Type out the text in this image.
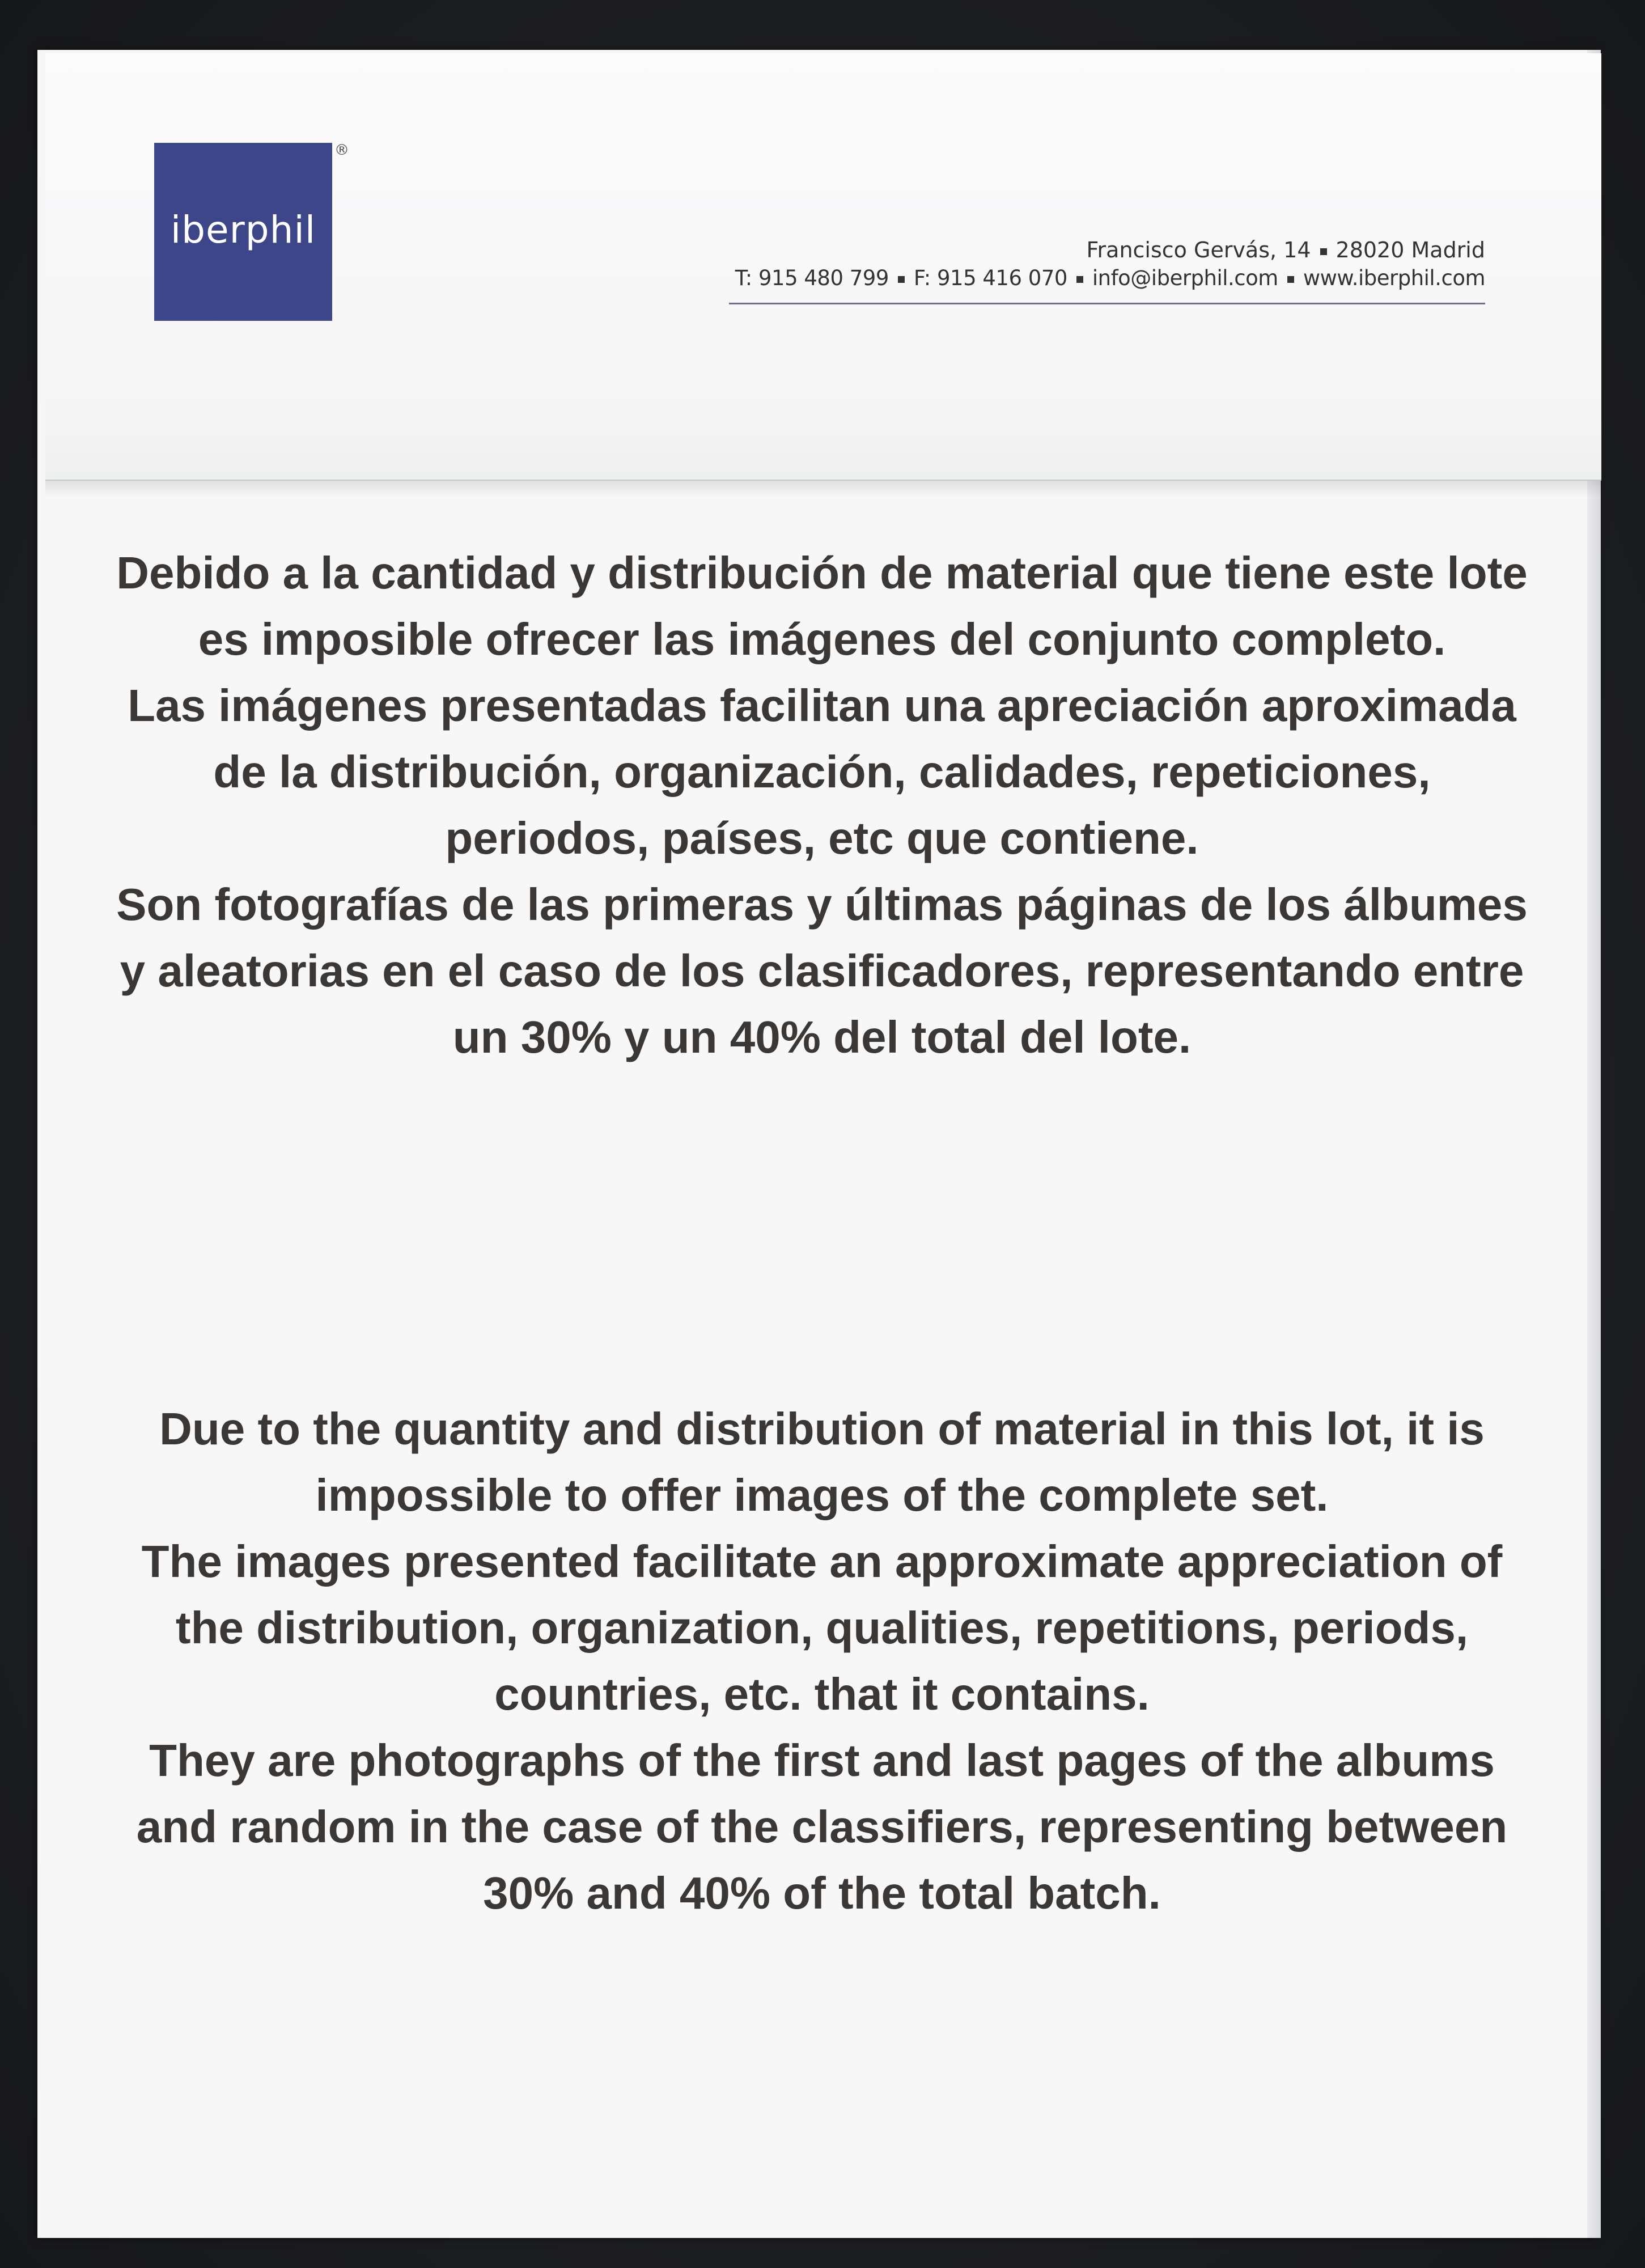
iberphil
®
Francisco Gervás, 14 28020 Madrid
T: 915 480 799 F: 915 416 070 info@iberphil.com www.iberphil.com

Debido a la cantidad y distribución de material que tiene este lote es imposible ofrecer las imágenes del conjunto completo.

Las imágenes presentadas facilitan una apreciación aproximada de la distribución, organización, calidades, repeticiones, periodos, países, etc que contiene.

Son fotografías de las primeras y últimas páginas de los álbumes y aleatorias en el caso de los clasificadores, representando entre un 30% y un 40% del total del lote.

Due to the quantity and distribution of material in this lot, it is impossible to offer images of the complete set.

The images presented facilitate an approximate appreciation of the distribution, organization, qualities, repetitions, periods, countries, etc. that it contains.

They are photographs of the first and last pages of the albums and random in the case of the classifiers, representing between 30% and 40% of the total batch.
